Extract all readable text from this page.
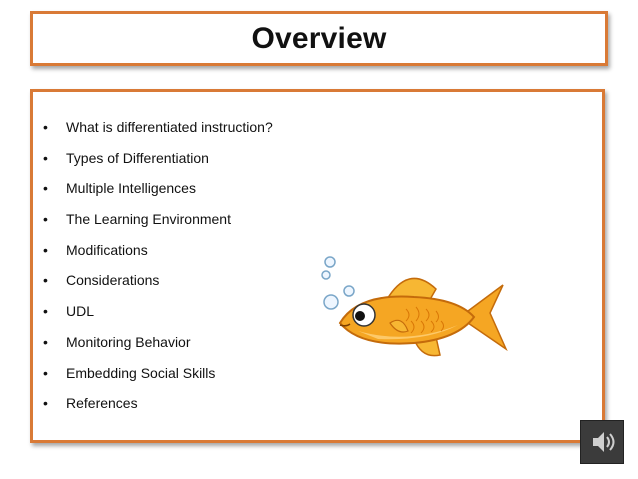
Overview
•	What is differentiated instruction?
•	Types of Differentiation
•	Multiple Intelligences
•	The Learning Environment
•	Modifications
•	Considerations
•	UDL
•	Monitoring Behavior
•	Embedding Social Skills
•	References
